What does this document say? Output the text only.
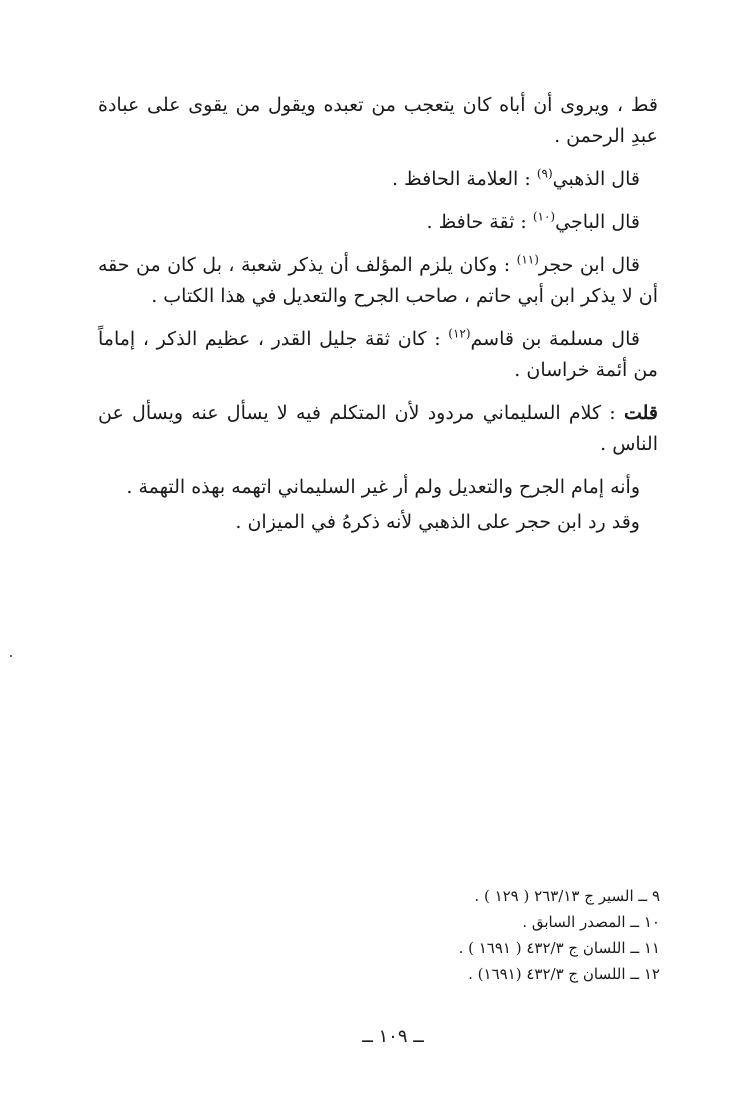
قط ، ويروى أن أباه كان يتعجب من تعبده ويقول من يقوى على عبادة عبدِ الرحمن .

قال الذهبي$^{(٩)}$ : العلامة الحافظ .

قال الباجي$^{(١٠)}$ : ثقة حافظ .

قال ابن حجر$^{(١١)}$ : وكان يلزم المؤلف أن يذكر شعبة ، بل كان من حقه أن لا يذكر ابن أبي حاتم ، صاحب الجرح والتعديل في هذا الكتاب .

قال مسلمة بن قاسم$^{(١٢)}$ : كان ثقة جليل القدر ، عظيم الذكر ، إماماً من أئمة خراسان .

قلت : كلام السليماني مردود لأن المتكلم فيه لا يسأل عنه ويسأل عن الناس .

وأنه إمام الجرح والتعديل ولم أر غير السليماني اتهمه بهذه التهمة .

وقد رد ابن حجر على الذهبي لأنه ذكرهُ في الميزان .

٩ ــ السير ج ٢٦٣/١٣ ( ١٢٩ ) .

١٠ ــ المصدر السابق .

١١ ــ اللسان ج ٤٣٢/٣ ( ١٦٩١ ) .

١٢ ــ اللسان ج ٤٣٢/٣ (١٦٩١) .

ــ ١٠٩ ــ
